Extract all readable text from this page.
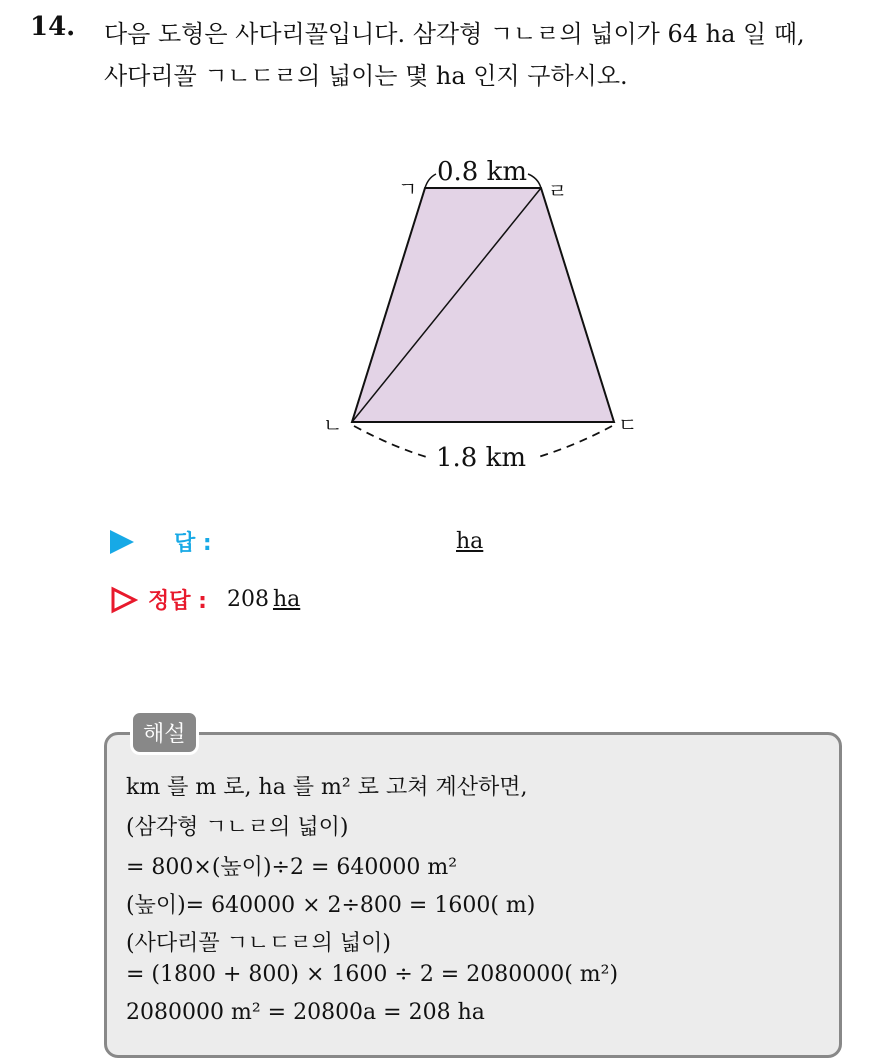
14. 다음 도형은 사다리꼴입니다. 삼각형 ㄱㄴㄹ의 넓이가 64 ha 일 때,
사다리꼴 ㄱㄴㄷㄹ의 넓이는 몇 ha 인지 구하시오.
0.8 km
1.8 km
ㄱ	ㄹ
ㄴ	ㄷ
답 :	ha
정답 : 208 ha
해설
km 를 m 로, ha 를 m² 로 고쳐 계산하면,
(삼각형 ㄱㄴㄹ의 넓이)
= 800×(높이)÷2 = 640000 m²
(높이)= 640000 × 2÷800 = 1600( m)
(사다리꼴 ㄱㄴㄷㄹ의 넓이)
= (1800 + 800) × 1600 ÷ 2 = 2080000( m²)
2080000 m² = 20800a = 208 ha
